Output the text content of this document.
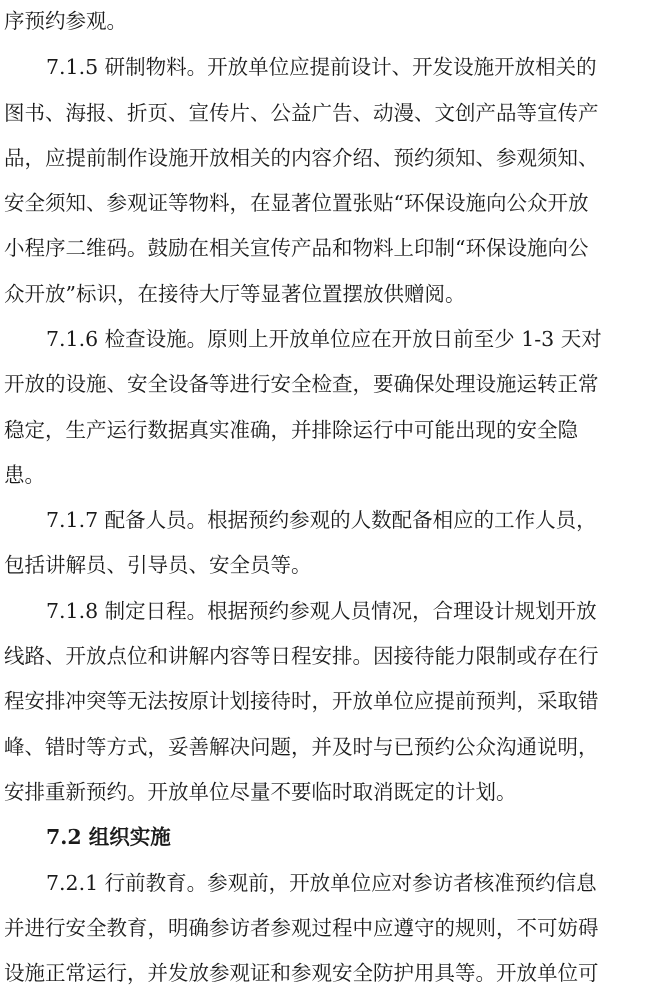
序预约参观。
7.1.5 研制物料。开放单位应提前设计、开发设施开放相关的
图书、海报、折页、宣传片、公益广告、动漫、文创产品等宣传产
品，应提前制作设施开放相关的内容介绍、预约须知、参观须知、
安全须知、参观证等物料，在显著位置张贴“环保设施向公众开放
小程序二维码。鼓励在相关宣传产品和物料上印制“环保设施向公
众开放”标识，在接待大厅等显著位置摆放供赠阅。
7.1.6 检查设施。原则上开放单位应在开放日前至少 1-3 天对
开放的设施、安全设备等进行安全检查，要确保处理设施运转正常
稳定，生产运行数据真实准确，并排除运行中可能出现的安全隐
患。
7.1.7 配备人员。根据预约参观的人数配备相应的工作人员，
包括讲解员、引导员、安全员等。
7.1.8 制定日程。根据预约参观人员情况，合理设计规划开放
线路、开放点位和讲解内容等日程安排。因接待能力限制或存在行
程安排冲突等无法按原计划接待时，开放单位应提前预判，采取错
峰、错时等方式，妥善解决问题，并及时与已预约公众沟通说明，
安排重新预约。开放单位尽量不要临时取消既定的计划。
7.2 组织实施
7.2.1 行前教育。参观前，开放单位应对参访者核准预约信息
并进行安全教育，明确参访者参观过程中应遵守的规则，不可妨碍
设施正常运行，并发放参观证和参观安全防护用具等。开放单位可
